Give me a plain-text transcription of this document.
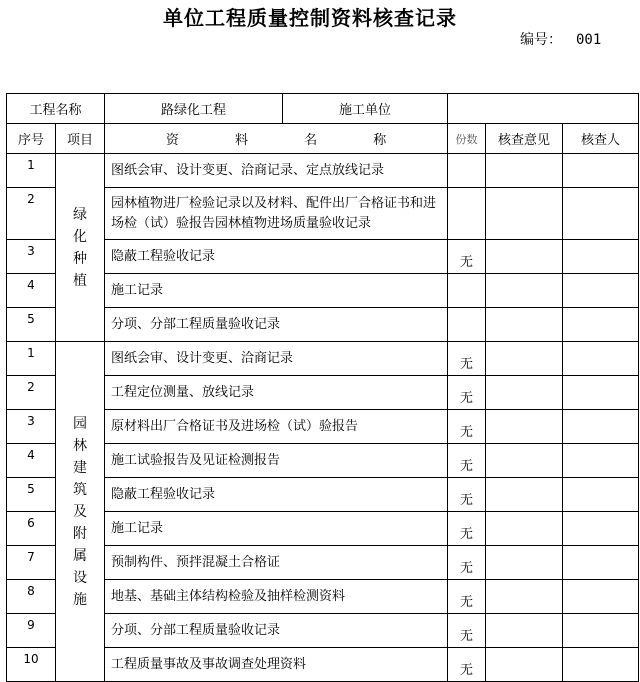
单位工程质量控制资料核查记录
编号： 001
工程名称		路绿化工程 施工单位			

序号	项目	资 料 名 称	份数	核查意见	核查人
1	绿化种植	图纸会审、设计变更、洽商记录、定点放线记录			
2		园林植物进厂检验记录以及材料、配件出厂合格证书和进场检（试）验报告园林植物进场质量验收记录			
3		隐蔽工程验收记录	无		
4		施工记录			
5		分项、分部工程质量验收记录			
1	园林建筑及附属设施	图纸会审、设计变更、洽商记录	无		
2		工程定位测量、放线记录	无		
3		原材料出厂合格证书及进场检（试）验报告	无		
4		施工试验报告及见证检测报告	无		
5		隐蔽工程验收记录	无		
6		施工记录	无		
7		预制构件、预拌混凝土合格证	无		
8		地基、基础主体结构检验及抽样检测资料	无		
9		分项、分部工程质量验收记录	无		
10		工程质量事故及事故调查处理资料	无		
